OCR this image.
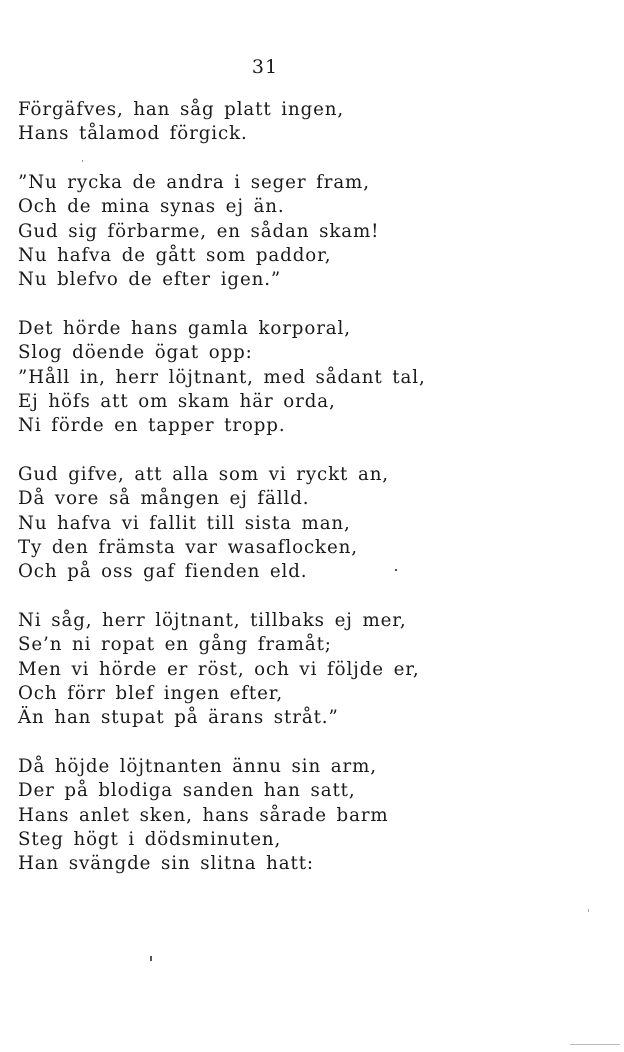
31
Förgäfves, han såg platt ingen,
Hans tålamod förgick.
”Nu rycka de andra i seger fram,
Och de mina synas ej än.
Gud sig förbarme, en sådan skam!
Nu hafva de gått som paddor,
Nu blefvo de efter igen.”
Det hörde hans gamla korporal,
Slog döende ögat opp:
”Håll in, herr löjtnant, med sådant tal,
Ej höfs att om skam här orda,
Ni förde en tapper tropp.
Gud gifve, att alla som vi ryckt an,
Då vore så mången ej fälld.
Nu hafva vi fallit till sista man,
Ty den främsta var wasaflocken,
Och på oss gaf fienden eld.
Ni såg, herr löjtnant, tillbaks ej mer,
Se’n ni ropat en gång framåt;
Men vi hörde er röst, och vi följde er,
Och förr blef ingen efter,
Än han stupat på ärans stråt.”
Då höjde löjtnanten ännu sin arm,
Der på blodiga sanden han satt,
Hans anlet sken, hans sårade barm
Steg högt i dödsminuten,
Han svängde sin slitna hatt:
